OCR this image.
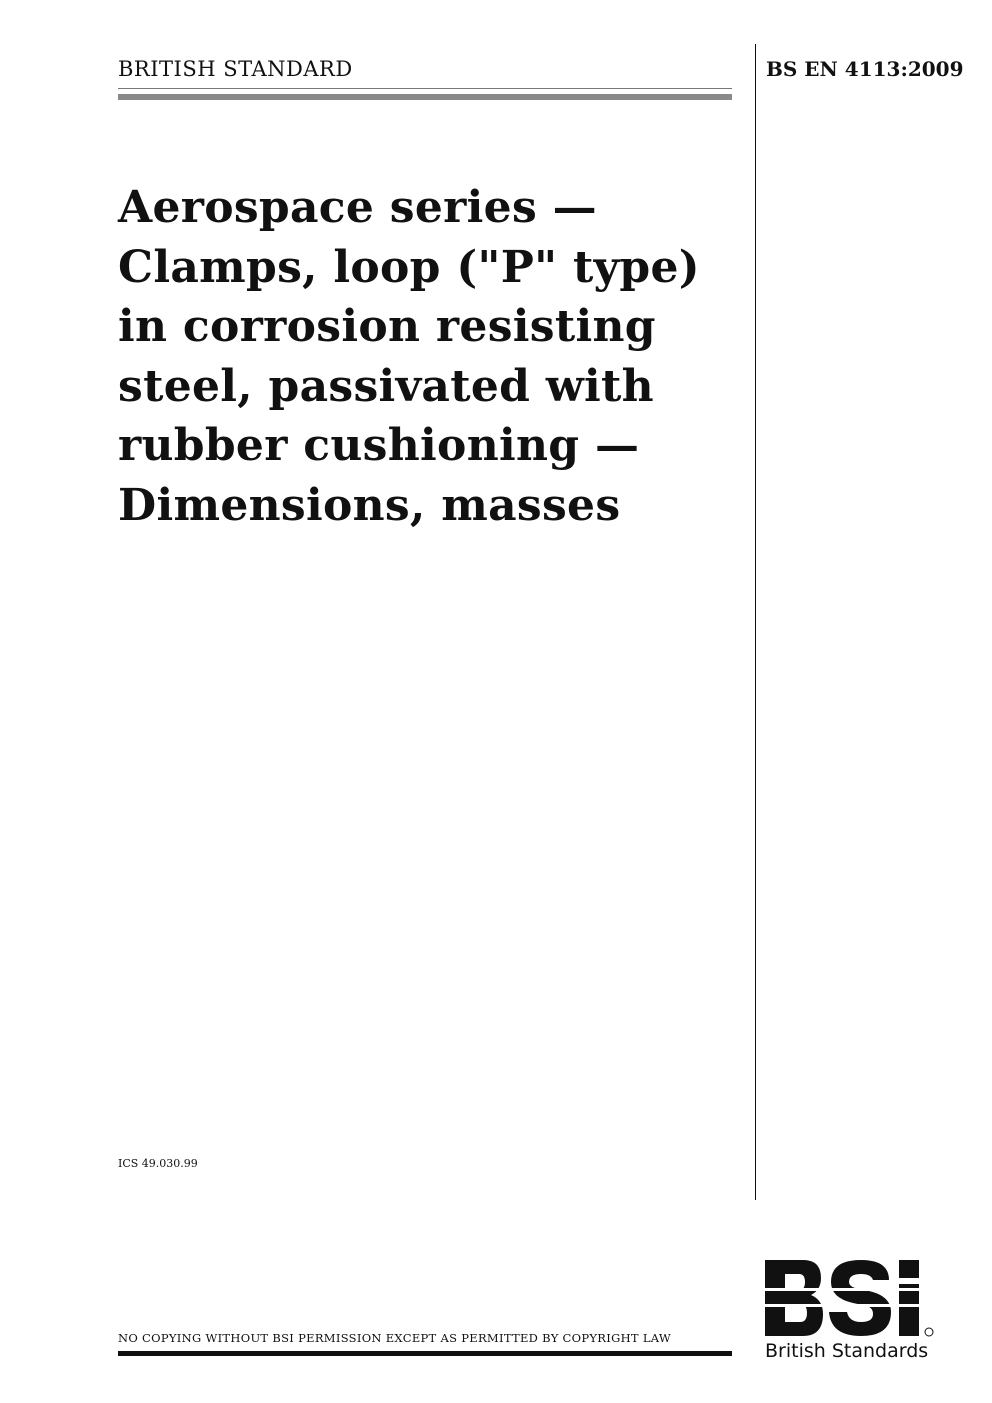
BRITISH STANDARD	BS EN 4113:2009
Aerospace series —
Clamps, loop ("P" type)
in corrosion resisting
steel, passivated with
rubber cushioning —
Dimensions, masses
ICS 49.030.99
NO COPYING WITHOUT BSI PERMISSION EXCEPT AS PERMITTED BY COPYRIGHT LAW
British Standards
